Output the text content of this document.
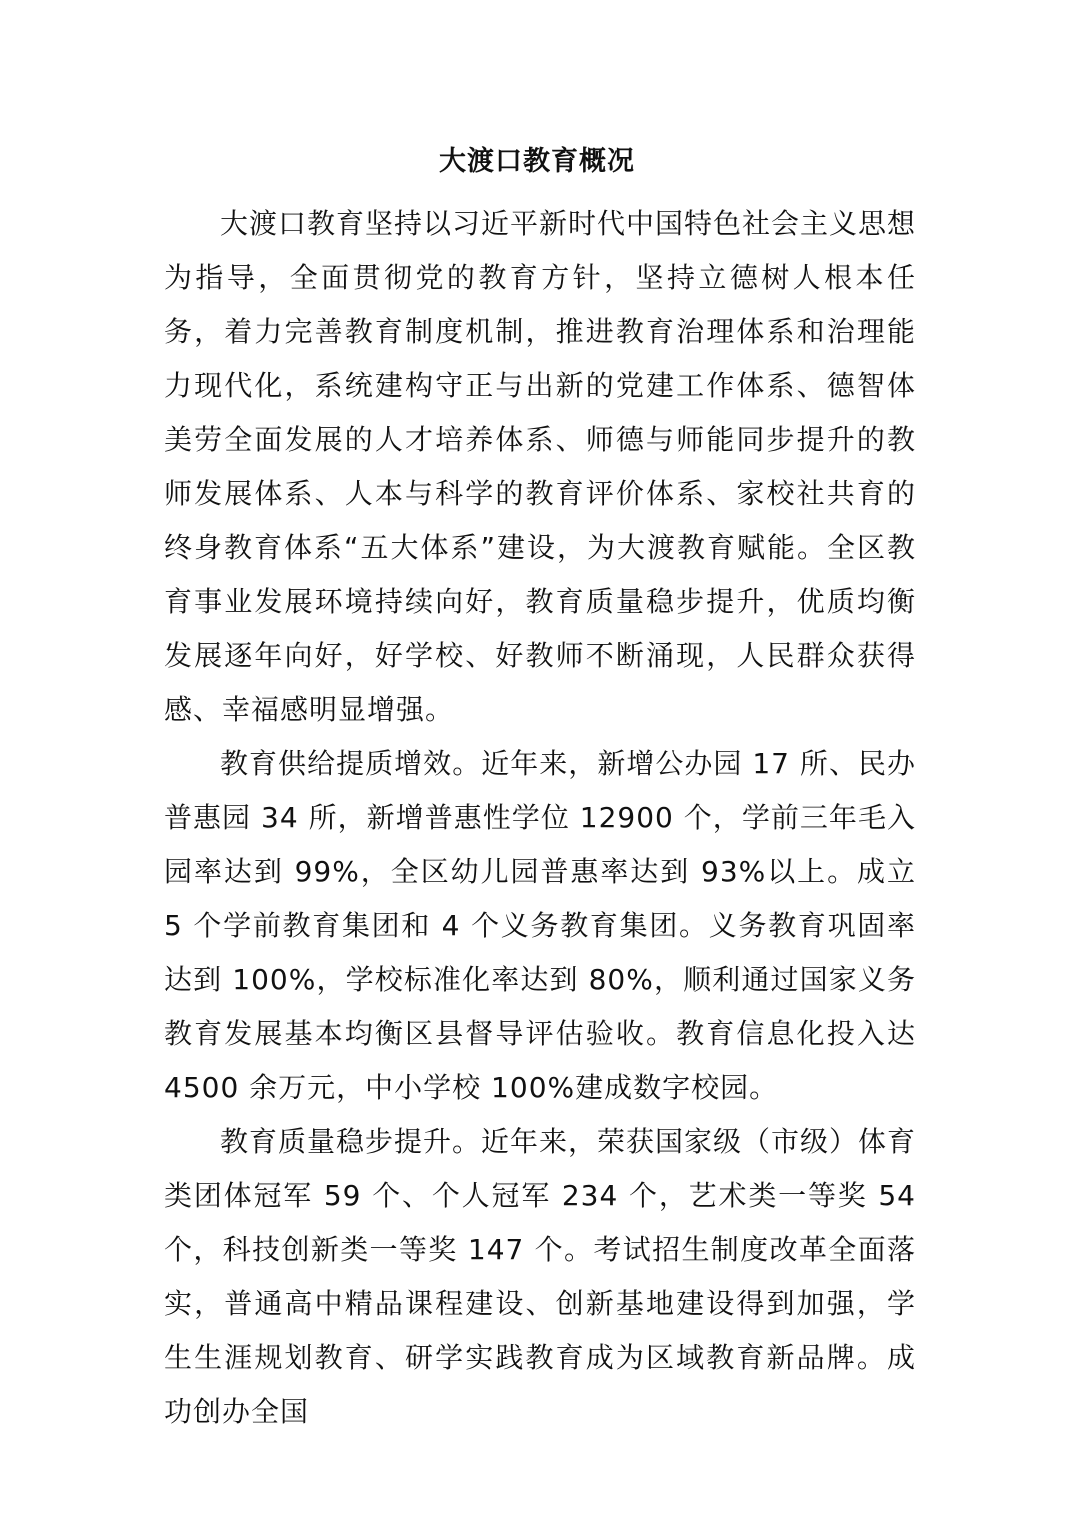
大渡口教育概况

大渡口教育坚持以习近平新时代中国特色社会主义思想为指导，全面贯彻党的教育方针，坚持立德树人根本任务，着力完善教育制度机制，推进教育治理体系和治理能力现代化，系统建构守正与出新的党建工作体系、德智体美劳全面发展的人才培养体系、师德与师能同步提升的教师发展体系、人本与科学的教育评价体系、家校社共育的终身教育体系“五大体系”建设，为大渡教育赋能。全区教育事业发展环境持续向好，教育质量稳步提升，优质均衡发展逐年向好，好学校、好教师不断涌现，人民群众获得感、幸福感明显增强。

教育供给提质增效。近年来，新增公办园 17 所、民办普惠园 34 所，新增普惠性学位 12900 个，学前三年毛入园率达到 99%，全区幼儿园普惠率达到 93%以上。成立 5 个学前教育集团和 4 个义务教育集团。义务教育巩固率达到 100%，学校标准化率达到 80%，顺利通过国家义务教育发展基本均衡区县督导评估验收。教育信息化投入达 4500 余万元，中小学校 100%建成数字校园。

教育质量稳步提升。近年来，荣获国家级（市级）体育类团体冠军 59 个、个人冠军 234 个，艺术类一等奖 54 个，科技创新类一等奖 147 个。考试招生制度改革全面落实，普通高中精品课程建设、创新基地建设得到加强，学生生涯规划教育、研学实践教育成为区域教育新品牌。成功创办全国
